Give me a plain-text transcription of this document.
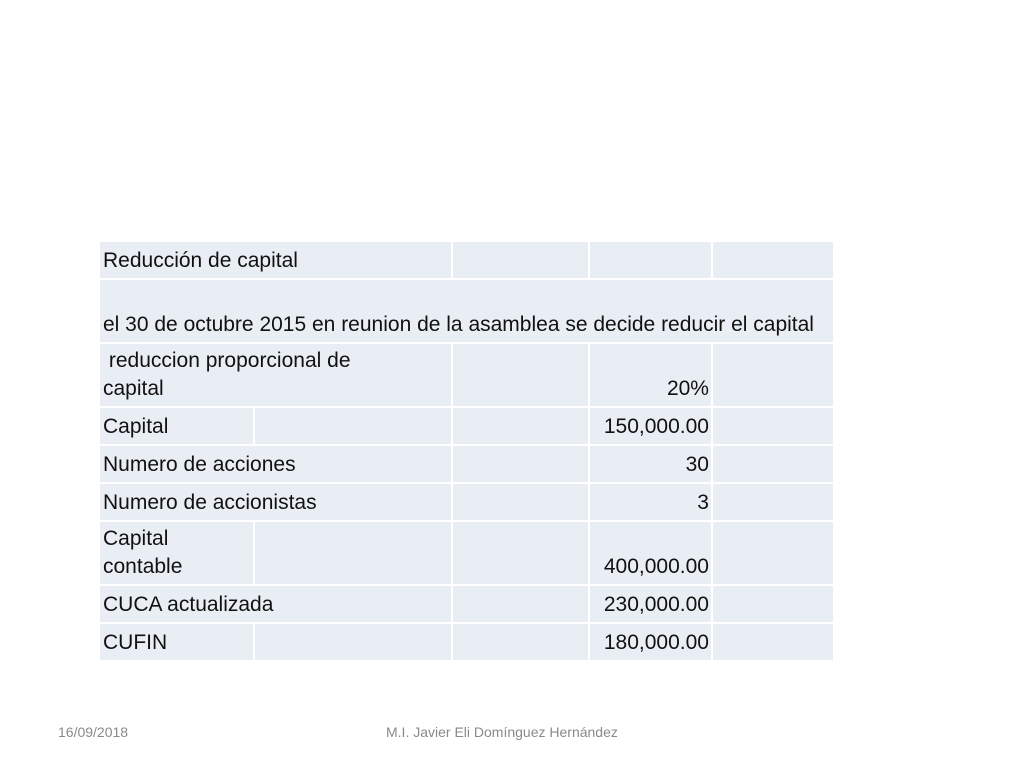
Reducción de capital				
el 30 de octubre 2015 en reunion de la asamblea se decide reducir el capital				
reduccion proporcional de capital			20%	
Capital			150,000.00	
Numero de acciones			30	
Numero de accionistas			3	
Capital contable			400,000.00	
CUCA actualizada			230,000.00	
CUFIN			180,000.00	
16/09/2018	M.I. Javier Eli Domínguez Hernández
